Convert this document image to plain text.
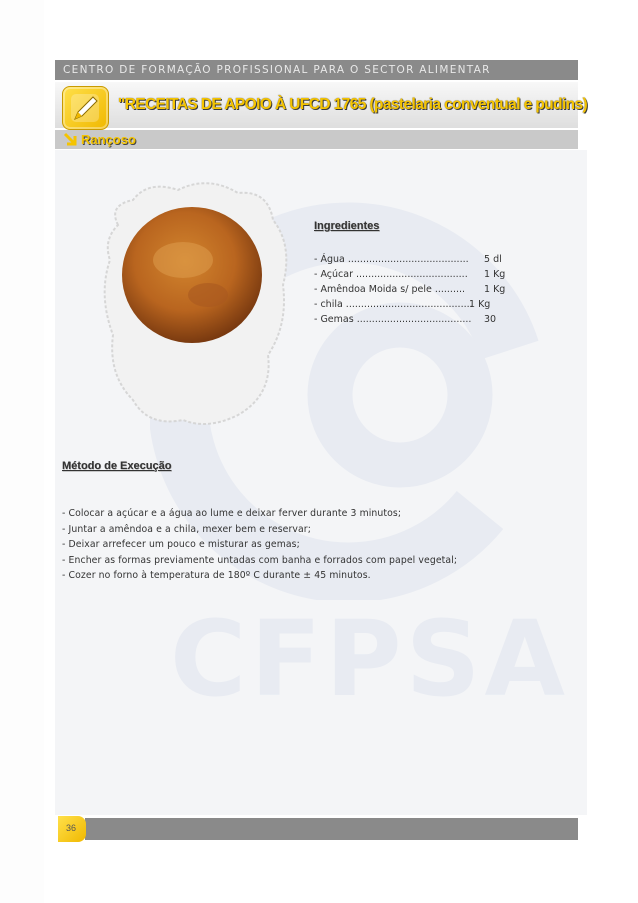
CFPSA
CENTRO DE FORMAÇÃO PROFISSIONAL PARA O SECTOR ALIMENTAR
"RECEITAS DE APOIO À UFCD 1765 (pastelaria conventual e pudins)
Rançoso
Ingredientes
- Água ........................................ 5 dl
- Açúcar ..................................... 1 Kg
- Amêndoa Moida s/ pele .......... 1 Kg
- chila ..........................................
1 Kg
- Gemas ...................................... 30
Método de Execução
- Colocar a açúcar e a água ao lume e deixar ferver durante 3 minutos;
- Juntar a amêndoa e a chila, mexer bem e reservar;
- Deixar arrefecer um pouco e misturar as gemas;
- Encher as formas previamente untadas com banha e forrados com papel vegetal;
- Cozer no forno à temperatura de 180º C durante ± 45 minutos.
36
